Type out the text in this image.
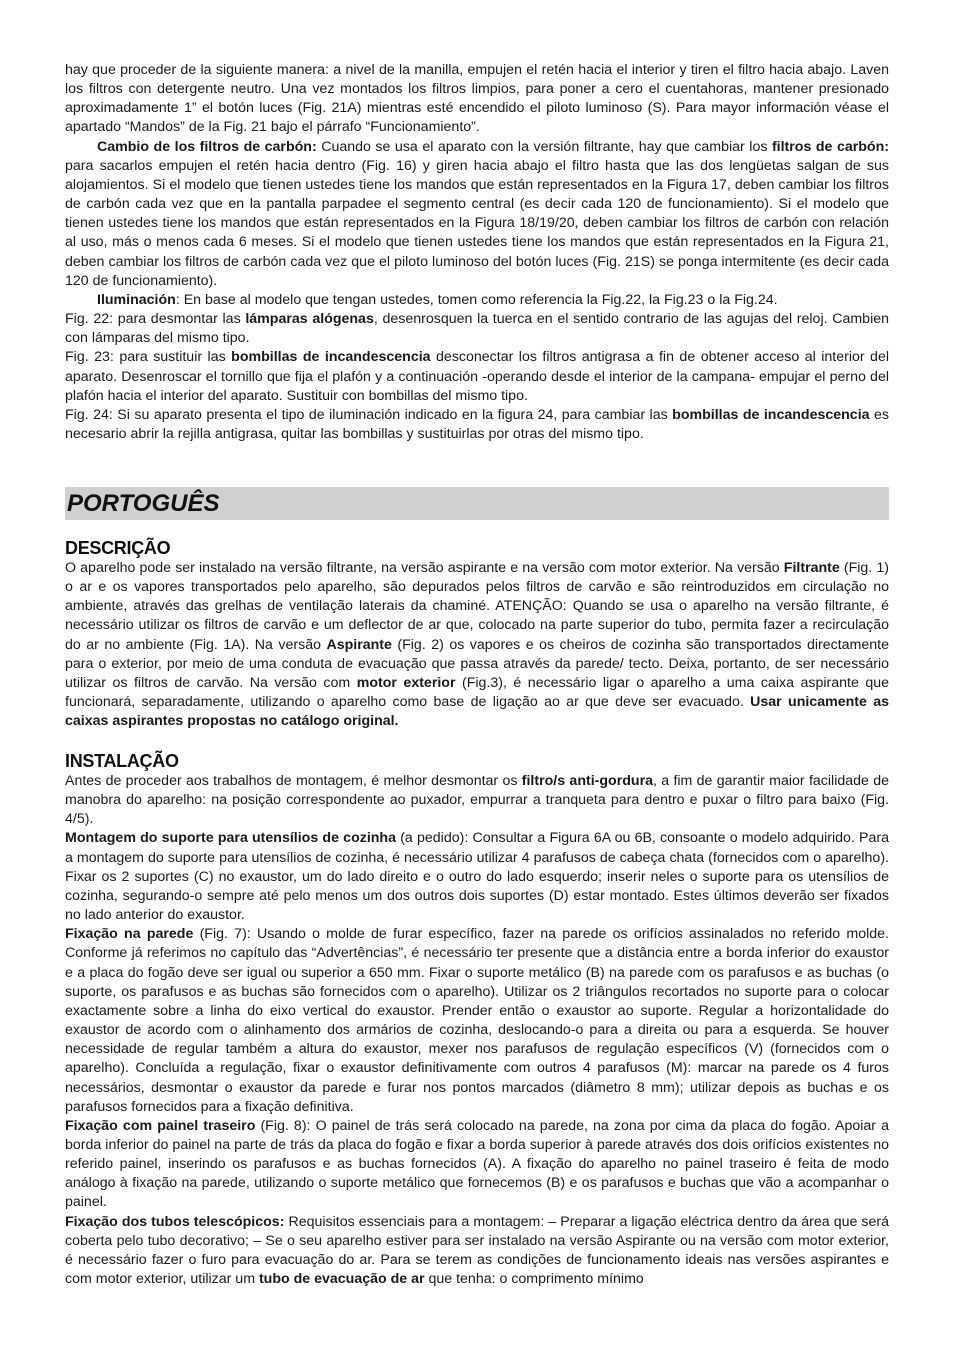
hay que proceder de la siguiente manera: a nivel de la manilla, empujen el retén hacia el interior y tiren el filtro hacia abajo. Laven los filtros con detergente neutro. Una vez montados los filtros limpios, para poner a cero el cuentahoras, mantener presionado aproximadamente 1” el botón luces (Fig. 21A) mientras esté encendido el piloto luminoso (S). Para mayor información véase el apartado “Mandos” de la Fig. 21 bajo el párrafo “Funcionamiento”.

Cambio de los filtros de carbón: Cuando se usa el aparato con la versión filtrante, hay que cambiar los filtros de carbón: para sacarlos empujen el retén hacia dentro (Fig. 16) y giren hacia abajo el filtro hasta que las dos lengüetas salgan de sus alojamientos. Si el modelo que tienen ustedes tiene los mandos que están representados en la Figura 17, deben cambiar los filtros de carbón cada vez que en la pantalla parpadee el segmento central (es decir cada 120 de funcionamiento). Si el modelo que tienen ustedes tiene los mandos que están representados en la Figura 18/19/20, deben cambiar los filtros de carbón con relación al uso, más o menos cada 6 meses. Si el modelo que tienen ustedes tiene los mandos que están representados en la Figura 21, deben cambiar los filtros de carbón cada vez que el piloto luminoso del botón luces (Fig. 21S) se ponga intermitente (es decir cada 120 de funcionamiento).

Iluminación: En base al modelo que tengan ustedes, tomen como referencia la Fig.22, la Fig.23 o la Fig.24.

Fig. 22: para desmontar las lámparas alógenas, desenrosquen la tuerca en el sentido contrario de las agujas del reloj. Cambien con lámparas del mismo tipo.

Fig. 23: para sustituir las bombillas de incandescencia desconectar los filtros antigrasa a fin de obtener acceso al interior del aparato. Desenroscar el tornillo que fija el plafón y a continuación -operando desde el interior de la campana- empujar el perno del plafón hacia el interior del aparato. Sustituir con bombillas del mismo tipo.

Fig. 24: Si su aparato presenta el tipo de iluminación indicado en la figura 24, para cambiar las bombillas de incandescencia es necesario abrir la rejilla antigrasa, quitar las bombillas y sustituirlas por otras del mismo tipo.

PORTOGUÊS
DESCRIÇÃO

O aparelho pode ser instalado na versão filtrante, na versão aspirante e na versão com motor exterior. Na versão Filtrante (Fig. 1) o ar e os vapores transportados pelo aparelho, são depurados pelos filtros de carvão e são reintroduzidos em circulação no ambiente, através das grelhas de ventilação laterais da chaminé. ATENÇÃO: Quando se usa o aparelho na versão filtrante, é necessário utilizar os filtros de carvão e um deflector de ar que, colocado na parte superior do tubo, permita fazer a recirculação do ar no ambiente (Fig. 1A). Na versão Aspirante (Fig. 2) os vapores e os cheiros de cozinha são transportados directamente para o exterior, por meio de uma conduta de evacuação que passa através da parede/ tecto. Deixa, portanto, de ser necessário utilizar os filtros de carvão. Na versão com motor exterior (Fig.3), é necessário ligar o aparelho a uma caixa aspirante que funcionará, separadamente, utilizando o aparelho como base de ligação ao ar que deve ser evacuado. Usar unicamente as caixas aspirantes propostas no catálogo original.

INSTALAÇÃO

Antes de proceder aos trabalhos de montagem, é melhor desmontar os filtro/s anti-gordura, a fim de garantir maior facilidade de manobra do aparelho: na posição correspondente ao puxador, empurrar a tranqueta para dentro e puxar o filtro para baixo (Fig. 4/5).

Montagem do suporte para utensílios de cozinha (a pedido): Consultar a Figura 6A ou 6B, consoante o modelo adquirido. Para a montagem do suporte para utensílios de cozinha, é necessário utilizar 4 parafusos de cabeça chata (fornecidos com o aparelho). Fixar os 2 suportes (C) no exaustor, um do lado direito e o outro do lado esquerdo; inserir neles o suporte para os utensílios de cozinha, segurando-o sempre até pelo menos um dos outros dois suportes (D) estar montado. Estes últimos deverão ser fixados no lado anterior do exaustor.

Fixação na parede (Fig. 7): Usando o molde de furar específico, fazer na parede os orifícios assinalados no referido molde. Conforme já referimos no capítulo das “Advertências”, é necessário ter presente que a distância entre a borda inferior do exaustor e a placa do fogão deve ser igual ou superior a 650 mm. Fixar o suporte metálico (B) na parede com os parafusos e as buchas (o suporte, os parafusos e as buchas são fornecidos com o aparelho). Utilizar os 2 triângulos recortados no suporte para o colocar exactamente sobre a linha do eixo vertical do exaustor. Prender então o exaustor ao suporte. Regular a horizontalidade do exaustor de acordo com o alinhamento dos armários de cozinha, deslocando-o para a direita ou para a esquerda. Se houver necessidade de regular também a altura do exaustor, mexer nos parafusos de regulação específicos (V) (fornecidos com o aparelho). Concluída a regulação, fixar o exaustor definitivamente com outros 4 parafusos (M): marcar na parede os 4 furos necessários, desmontar o exaustor da parede e furar nos pontos marcados (diâmetro 8 mm); utilizar depois as buchas e os parafusos fornecidos para a fixação definitiva.

Fixação com painel traseiro (Fig. 8): O painel de trás será colocado na parede, na zona por cima da placa do fogão. Apoiar a borda inferior do painel na parte de trás da placa do fogão e fixar a borda superior à parede através dos dois orifícios existentes no referido painel, inserindo os parafusos e as buchas fornecidos (A). A fixação do aparelho no painel traseiro é feita de modo análogo à fixação na parede, utilizando o suporte metálico que fornecemos (B) e os parafusos e buchas que vão a acompanhar o painel.

Fixação dos tubos telescópicos: Requisitos essenciais para a montagem: – Preparar a ligação eléctrica dentro da área que será coberta pelo tubo decorativo; – Se o seu aparelho estiver para ser instalado na versão Aspirante ou na versão com motor exterior, é necessário fazer o furo para evacuação do ar. Para se terem as condições de funcionamento ideais nas versões aspirantes e com motor exterior, utilizar um tubo de evacuação de ar que tenha: o comprimento mínimo
